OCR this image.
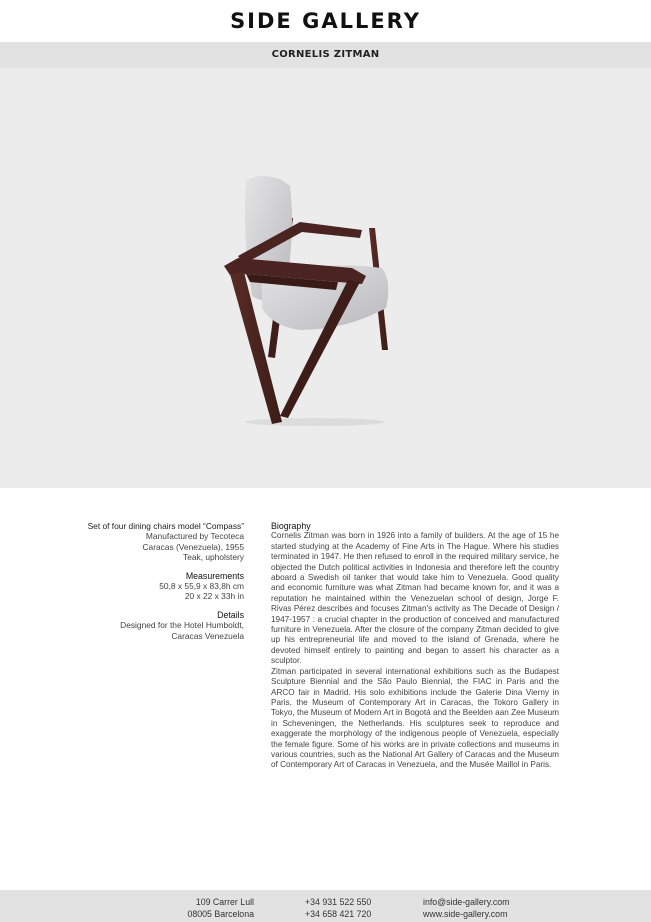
SIDE GALLERY
CORNELIS ZITMAN
Set of four dining chairs model “Compass”
Manufactured by Tecoteca
Caracas (Venezuela), 1955
Teak, upholstery
Measurements
50,8 x 55,9 x 83,8h cm
20 x 22 x 33h in
Details
Designed for the Hotel Humboldt,
Caracas Venezuela
Biography

Cornelis Zitman was born in 1926 into a family of builders. At the age of 15 he started studying at the Academy of Fine Arts in The Hague. Where his studies terminated in 1947. He then refused to enroll in the required military service, he objected the Dutch political activities in Indonesia and therefore left the country aboard a Swedish oil tanker that would take him to Venezuela. Good quality and economic furniture was what Zitman had became known for, and it was a reputation he maintained within the Venezuelan school of design, Jorge F. Rivas Pérez describes and focuses Zitman's activity as The Decade of Design / 1947-1957 : a crucial chapter in the production of conceived and manufactured furniture in Venezuela. After the closure of the company Zitman decided to give up his entrepreneurial life and moved to the island of Grenada, where he devoted himself entirely to painting and began to assert his character as a sculptor.

Zitman participated in several international exhibitions such as the Budapest Sculpture Biennial and the São Paulo Biennial, the FIAC in Paris and the ARCO fair in Madrid. His solo exhibitions include the Galerie Dina Vierny in Paris, the Museum of Contemporary Art in Caracas, the Tokoro Gallery in Tokyo, the Museum of Modern Art in Bogotá and the Beelden aan Zee Museum in Scheveningen, the Netherlands. His sculptures seek to reproduce and exaggerate the morphology of the indigenous people of Venezuela, especially the female figure. Some of his works are in private collections and museums in various countries, such as the National Art Gallery of Caracas and the Museum of Contemporary Art of Caracas in Venezuela, and the Musée Maillol in Paris.

109 Carrer Lull
08005 Barcelona
+34 931 522 550
+34 658 421 720
info@side-gallery.com
www.side-gallery.com
